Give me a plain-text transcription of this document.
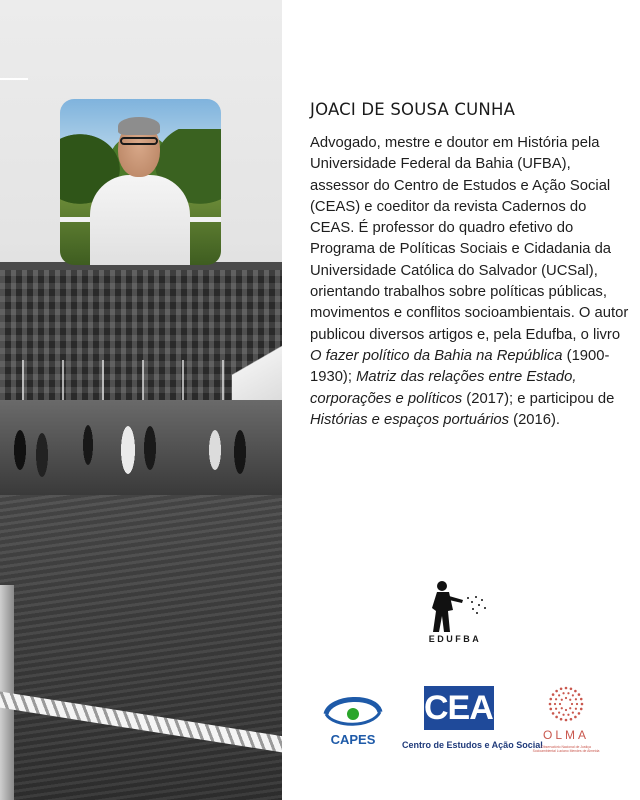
JOACI DE SOUSA CUNHA

Advogado, mestre e doutor em História pela Universidade Federal da Bahia (UFBA), assessor do Centro de Estudos e Ação Social (CEAS) e coeditor da revista Cadernos do CEAS. É professor do quadro efetivo do Programa de Políticas Sociais e Cidadania da Universidade Católica do Salvador (UCSal), orientando trabalhos sobre políticas públicas, movimentos e conflitos socioambientais. O autor publicou diversos artigos e, pela Edufba, o livro O fazer político da Bahia na República (1900-1930); Matriz das relações entre Estado, corporações e políticos (2017); e participou de Histórias e espaços portuários (2016).

EDUFBA
CAPES
CEAS
Centro de Estudos e Ação Social
OLMA
Observatório Nacional de Justiça Socioambiental Luciano Mendes de Almeida
